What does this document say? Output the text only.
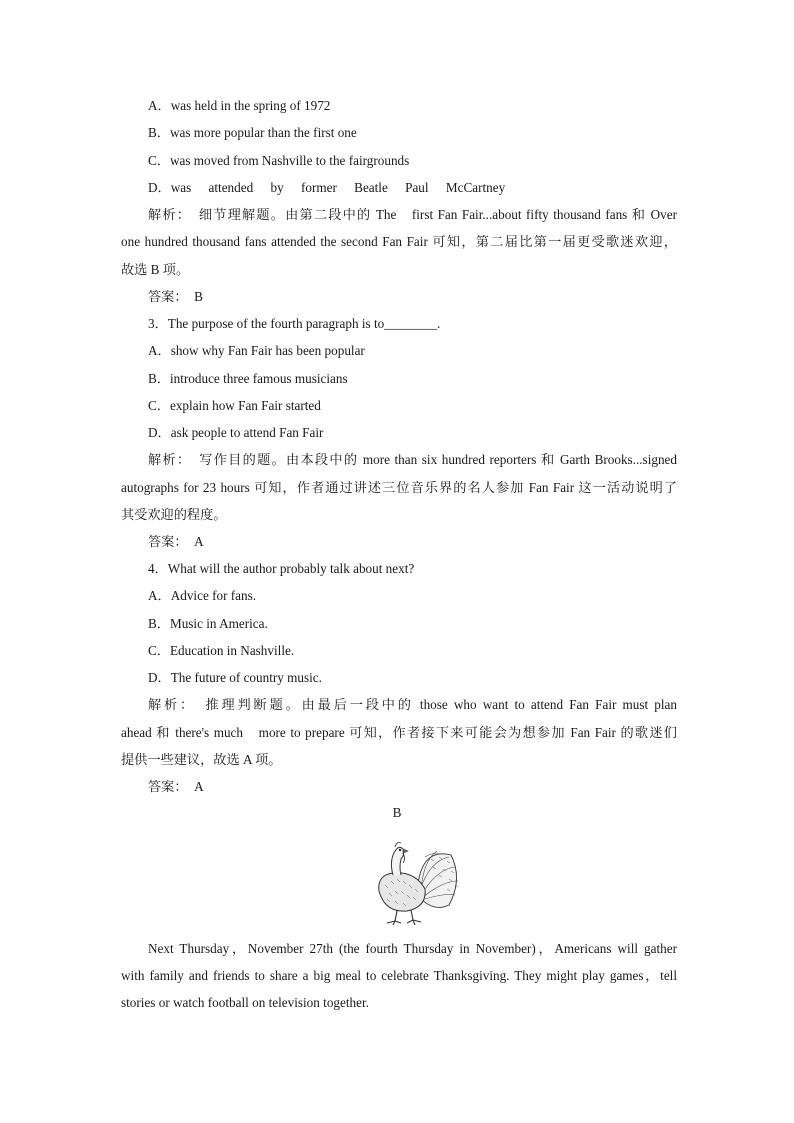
A．was held in the spring of 1972
B．was more popular than the first one
C．was moved from Nashville to the fairgrounds
D．was attended by former Beatle Paul McCartney
解析：　细节理解题。由第二段中的 The　first Fan Fair...about fifty thousand fans 和 Over
one hundred thousand fans attended the second Fan Fair 可知，第二届比第一届更受歌迷欢迎，
故选 B 项。
答案：　B
3．The purpose of the fourth paragraph is to________.
A．show why Fan Fair has been popular
B．introduce three famous musicians
C．explain how Fan Fair started
D．ask people to attend Fan Fair
解析：　写作目的题。由本段中的 more than six hundred reporters 和 Garth Brooks...signed
autographs for 23 hours 可知，作者通过讲述三位音乐界的名人参加 Fan Fair 这一活动说明了
其受欢迎的程度。
答案：　A
4．What will the author probably talk about next?
A．Advice for fans.
B．Music in America.
C．Education in Nashville.
D．The future of country music.
解析：　推理判断题。由最后一段中的 those who want to attend Fan Fair must plan
ahead 和 there's much　more to prepare 可知，作者接下来可能会为想参加 Fan Fair 的歌迷们
提供一些建议，故选 A 项。
答案：　A
B
Next Thursday，November 27th (the fourth Thursday in November)，Americans will gather
with family and friends to share a big meal to celebrate Thanksgiving. They might play games，tell
stories or watch football on television together.
